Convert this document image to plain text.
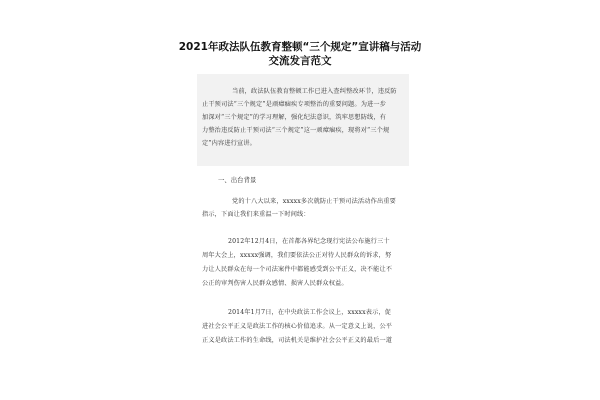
2021年政法队伍教育整顿“三个规定”宣讲稿与活动
交流发言范文
当前，政法队伍教育整顿工作已进入查纠整改环节，违反防
止干预司法“三个规定”是顽瘴痼疾专项整治的重要问题。为进一步
加深对“三个规定”的学习理解，强化纪法意识，筑牢思想防线，有
力整治违反防止干预司法“三个规定”这一顽瘴痼疾，现将对“三个规
定”内容进行宣讲。
一、出台背景
党的十八大以来，xxxxx多次就防止干预司法活动作出重要
指示，下面让我们来重温一下时间线：
2012年12月4日，在首都各界纪念现行宪法公布施行三十
周年大会上，xxxxx强调，我们要依法公正对待人民群众的诉求，努
力让人民群众在每一个司法案件中都能感受到公平正义，决不能让不
公正的审判伤害人民群众感情、损害人民群众权益。
2014年1月7日，在中央政法工作会议上，xxxxx表示，促
进社会公平正义是政法工作的核心价值追求。从一定意义上说，公平
正义是政法工作的生命线，司法机关是维护社会公平正义的最后一道
